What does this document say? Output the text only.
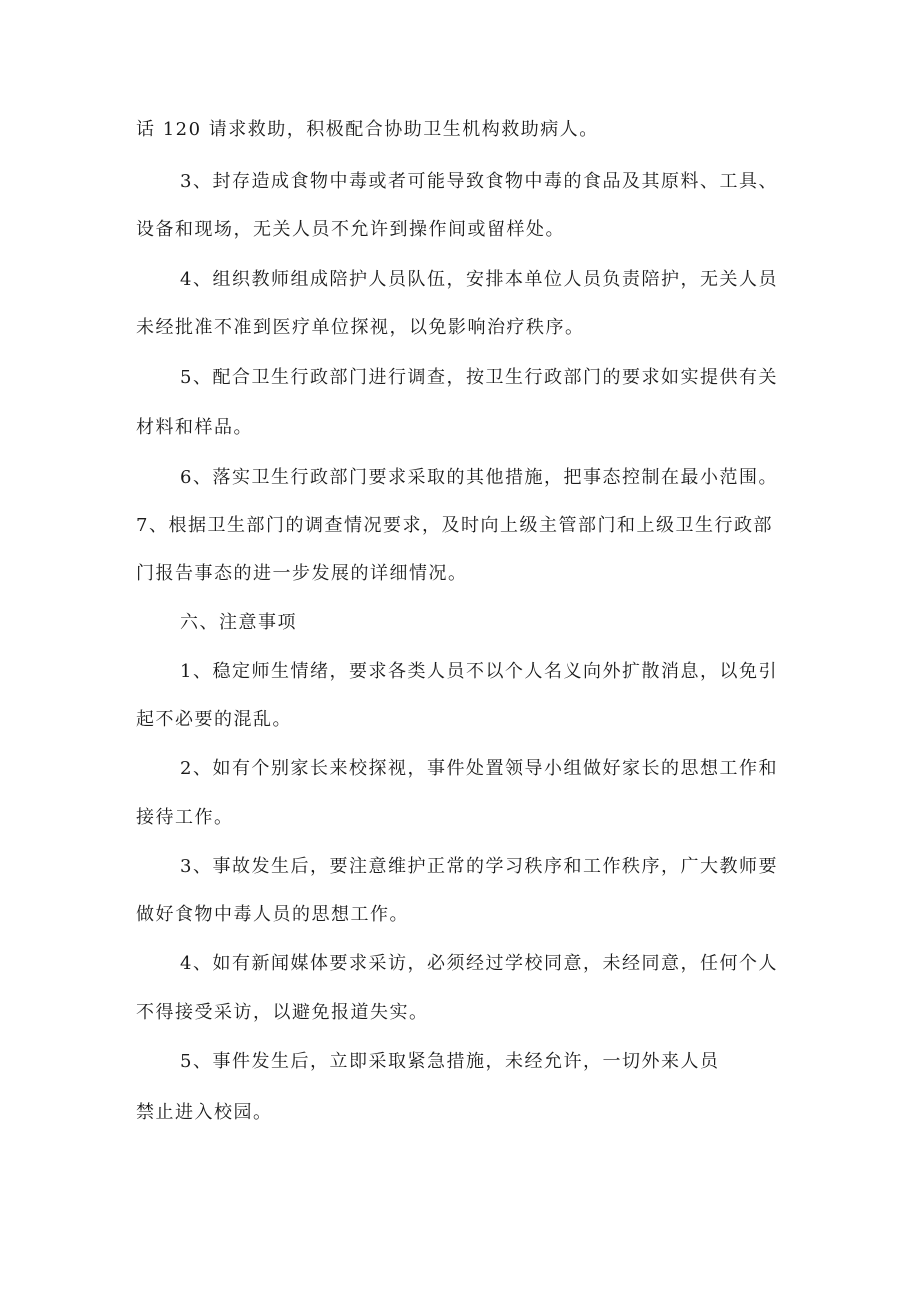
话 120 请求救助，积极配合协助卫生机构救助病人。
3、封存造成食物中毒或者可能导致食物中毒的食品及其原料、工具、
设备和现场，无关人员不允许到操作间或留样处。
4、组织教师组成陪护人员队伍，安排本单位人员负责陪护，无关人员
未经批准不准到医疗单位探视，以免影响治疗秩序。
5、配合卫生行政部门进行调查，按卫生行政部门的要求如实提供有关
材料和样品。
6、落实卫生行政部门要求采取的其他措施，把事态控制在最小范围。
7、根据卫生部门的调查情况要求，及时向上级主管部门和上级卫生行政部
门报告事态的进一步发展的详细情况。
六、注意事项
1、稳定师生情绪，要求各类人员不以个人名义向外扩散消息，以免引
起不必要的混乱。
2、如有个别家长来校探视，事件处置领导小组做好家长的思想工作和
接待工作。
3、事故发生后，要注意维护正常的学习秩序和工作秩序，广大教师要
做好食物中毒人员的思想工作。
4、如有新闻媒体要求采访，必须经过学校同意，未经同意，任何个人
不得接受采访，以避免报道失实。
5、事件发生后，立即采取紧急措施，未经允许，一切外来人员
禁止进入校园。
